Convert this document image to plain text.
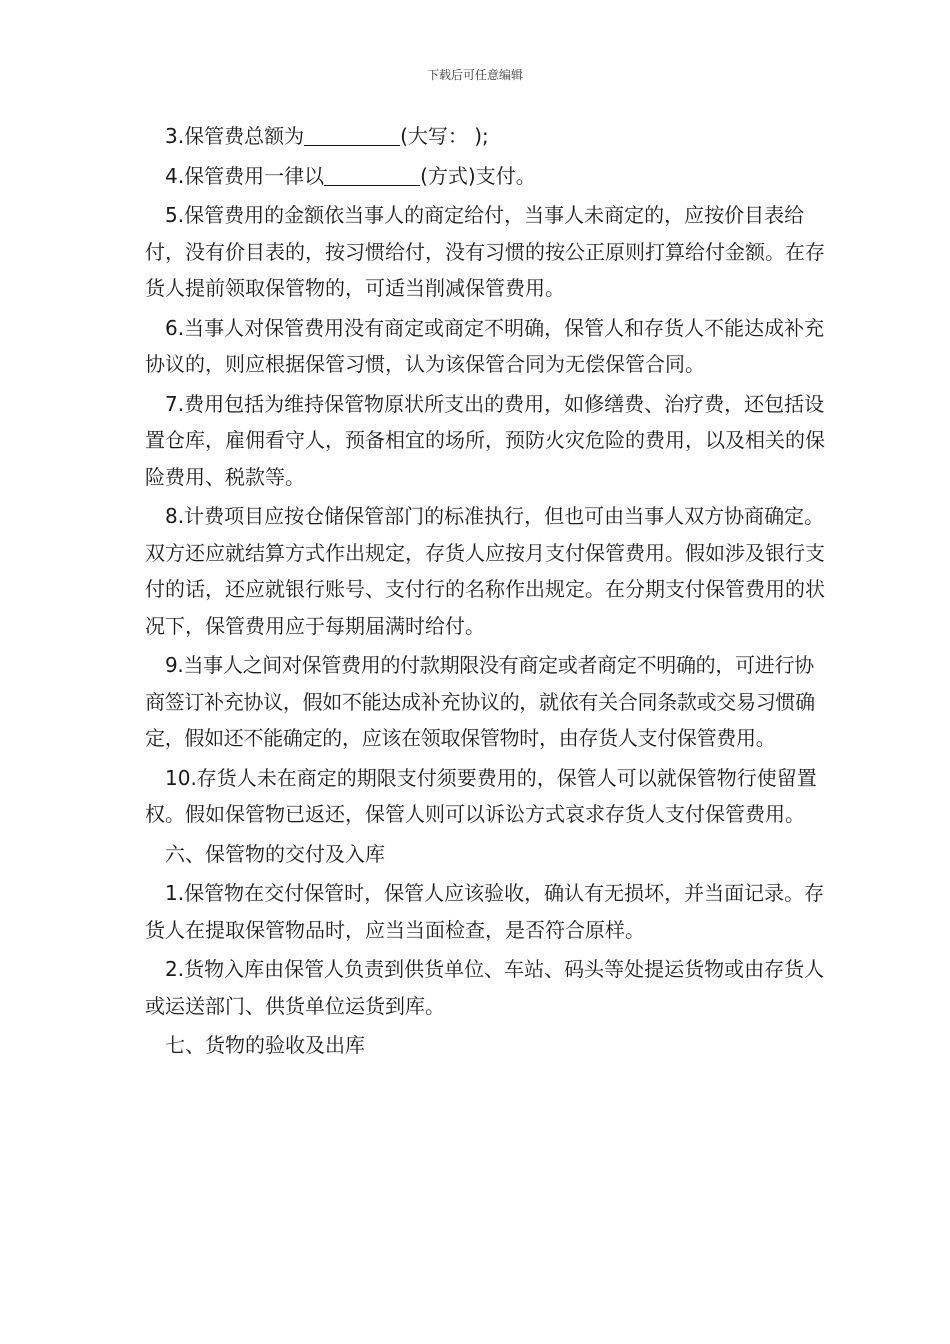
下载后可任意编辑

3.保管费总额为	(大写： );

4.保管费用一律以	(方式)支付。

5.保管费用的金额依当事人的商定给付，当事人未商定的，应按价目表给付，没有价目表的，按习惯给付，没有习惯的按公正原则打算给付金额。在存货人提前领取保管物的，可适当削减保管费用。

6.当事人对保管费用没有商定或商定不明确，保管人和存货人不能达成补充协议的，则应根据保管习惯，认为该保管合同为无偿保管合同。

7.费用包括为维持保管物原状所支出的费用，如修缮费、治疗费，还包括设置仓库，雇佣看守人，预备相宜的场所，预防火灾危险的费用，以及相关的保险费用、税款等。

8.计费项目应按仓储保管部门的标准执行，但也可由当事人双方协商确定。双方还应就结算方式作出规定，存货人应按月支付保管费用。假如涉及银行支付的话，还应就银行账号、支付行的名称作出规定。在分期支付保管费用的状况下，保管费用应于每期届满时给付。

9.当事人之间对保管费用的付款期限没有商定或者商定不明确的，可进行协商签订补充协议，假如不能达成补充协议的，就依有关合同条款或交易习惯确定，假如还不能确定的，应该在领取保管物时，由存货人支付保管费用。

10.存货人未在商定的期限支付须要费用的，保管人可以就保管物行使留置权。假如保管物已返还，保管人则可以诉讼方式哀求存货人支付保管费用。

六、保管物的交付及入库

1.保管物在交付保管时，保管人应该验收，确认有无损坏，并当面记录。存货人在提取保管物品时，应当当面检查，是否符合原样。

2.货物入库由保管人负责到供货单位、车站、码头等处提运货物或由存货人或运送部门、供货单位运货到库。

七、货物的验收及出库
